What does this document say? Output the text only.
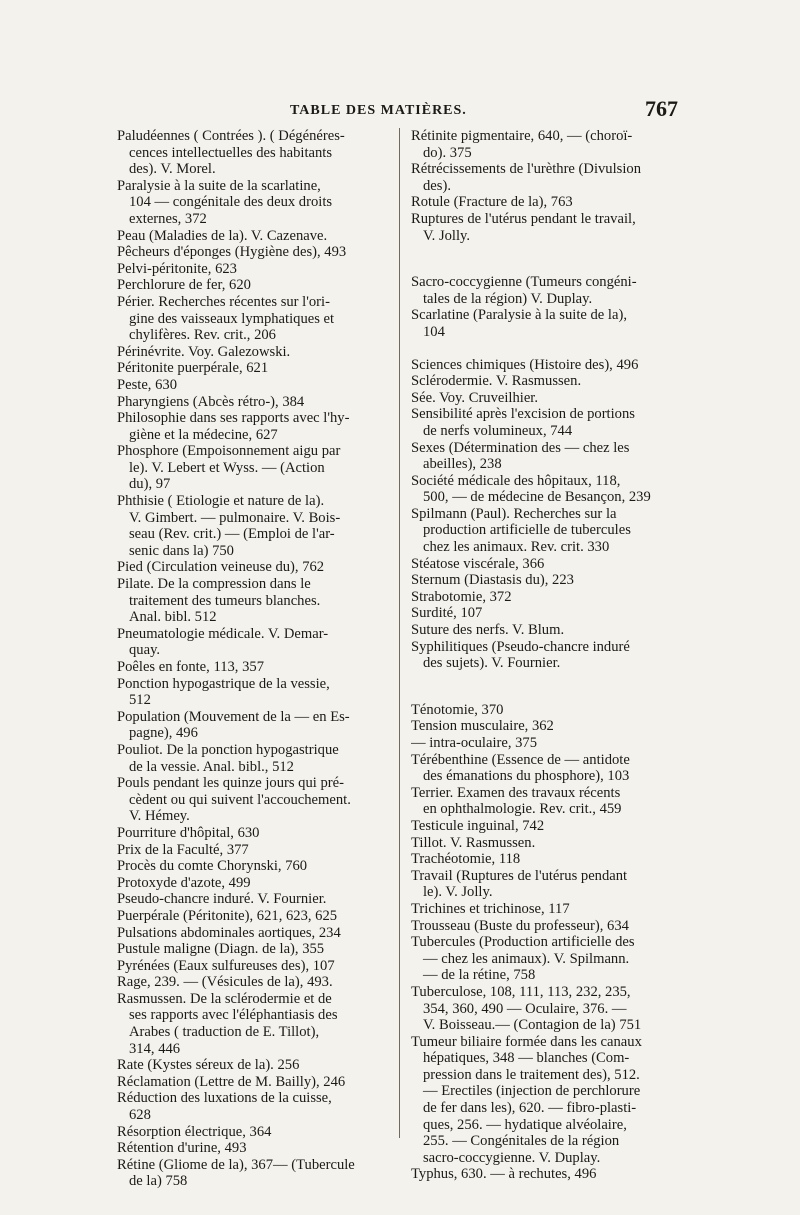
TABLE DES MATIÈRES.	767
Paludéennes ( Contrées ). ( Dégénéres-
cences intellectuelles des habitants
des). V. Morel.
Paralysie à la suite de la scarlatine,
104 — congénitale des deux droits
externes, 372
Peau (Maladies de la). V. Cazenave.
Pêcheurs d'éponges (Hygiène des), 493
Pelvi-péritonite, 623
Perchlorure de fer, 620
Périer. Recherches récentes sur l'ori-
gine des vaisseaux lymphatiques et
chylifères. Rev. crit., 206
Périnévrite. Voy. Galezowski.
Péritonite puerpérale, 621
Peste, 630
Pharyngiens (Abcès rétro-), 384
Philosophie dans ses rapports avec l'hy-
giène et la médecine, 627
Phosphore (Empoisonnement aigu par
le). V. Lebert et Wyss. — (Action
du), 97
Phthisie ( Etiologie et nature de la).
V. Gimbert. — pulmonaire. V. Bois-
seau (Rev. crit.) — (Emploi de l'ar-
senic dans la) 750
Pied (Circulation veineuse du), 762
Pilate. De la compression dans le
traitement des tumeurs blanches.
Anal. bibl. 512
Pneumatologie médicale. V. Demar-
quay.
Poêles en fonte, 113, 357
Ponction hypogastrique de la vessie,
512
Population (Mouvement de la — en Es-
pagne), 496
Pouliot. De la ponction hypogastrique
de la vessie. Anal. bibl., 512
Pouls pendant les quinze jours qui pré-
cèdent ou qui suivent l'accouchement.
V. Hémey.
Pourriture d'hôpital, 630
Prix de la Faculté, 377
Procès du comte Chorynski, 760
Protoxyde d'azote, 499
Pseudo-chancre induré. V. Fournier.
Puerpérale (Péritonite), 621, 623, 625
Pulsations abdominales aortiques, 234
Pustule maligne (Diagn. de la), 355
Pyrénées (Eaux sulfureuses des), 107
Rage, 239. — (Vésicules de la), 493.
Rasmussen. De la sclérodermie et de
ses rapports avec l'éléphantiasis des
Arabes ( traduction de E. Tillot),
314, 446
Rate (Kystes séreux de la). 256
Réclamation (Lettre de M. Bailly), 246
Réduction des luxations de la cuisse,
628
Résorption électrique, 364
Rétention d'urine, 493
Rétine (Gliome de la), 367— (Tubercule
de la) 758
Rétinite pigmentaire, 640, — (choroï-
do). 375
Rétrécissements de l'urèthre (Divulsion
des).
Rotule (Fracture de la), 763
Ruptures de l'utérus pendant le travail,
V. Jolly.
Sacro-coccygienne (Tumeurs congéni-
tales de la région) V. Duplay.
Scarlatine (Paralysie à la suite de la),
104
Sciences chimiques (Histoire des), 496
Sclérodermie. V. Rasmussen.
Sée. Voy. Cruveilhier.
Sensibilité après l'excision de portions
de nerfs volumineux, 744
Sexes (Détermination des — chez les
abeilles), 238
Société médicale des hôpitaux, 118,
500, — de médecine de Besançon, 239
Spilmann (Paul). Recherches sur la
production artificielle de tubercules
chez les animaux. Rev. crit. 330
Stéatose viscérale, 366
Sternum (Diastasis du), 223
Strabotomie, 372
Surdité, 107
Suture des nerfs. V. Blum.
Syphilitiques (Pseudo-chancre induré
des sujets). V. Fournier.
Ténotomie, 370
Tension musculaire, 362
— intra-oculaire, 375
Térébenthine (Essence de — antidote
des émanations du phosphore), 103
Terrier. Examen des travaux récents
en ophthalmologie. Rev. crit., 459
Testicule inguinal, 742
Tillot. V. Rasmussen.
Trachéotomie, 118
Travail (Ruptures de l'utérus pendant
le). V. Jolly.
Trichines et trichinose, 117
Trousseau (Buste du professeur), 634
Tubercules (Production artificielle des
— chez les animaux). V. Spilmann.
— de la rétine, 758
Tuberculose, 108, 111, 113, 232, 235,
354, 360, 490 — Oculaire, 376. —
V. Boisseau.— (Contagion de la) 751
Tumeur biliaire formée dans les canaux
hépatiques, 348 — blanches (Com-
pression dans le traitement des), 512.
— Erectiles (injection de perchlorure
de fer dans les), 620. — fibro-plasti-
ques, 256. — hydatique alvéolaire,
255. — Congénitales de la région
sacro-coccygienne. V. Duplay.
Typhus, 630. — à rechutes, 496
